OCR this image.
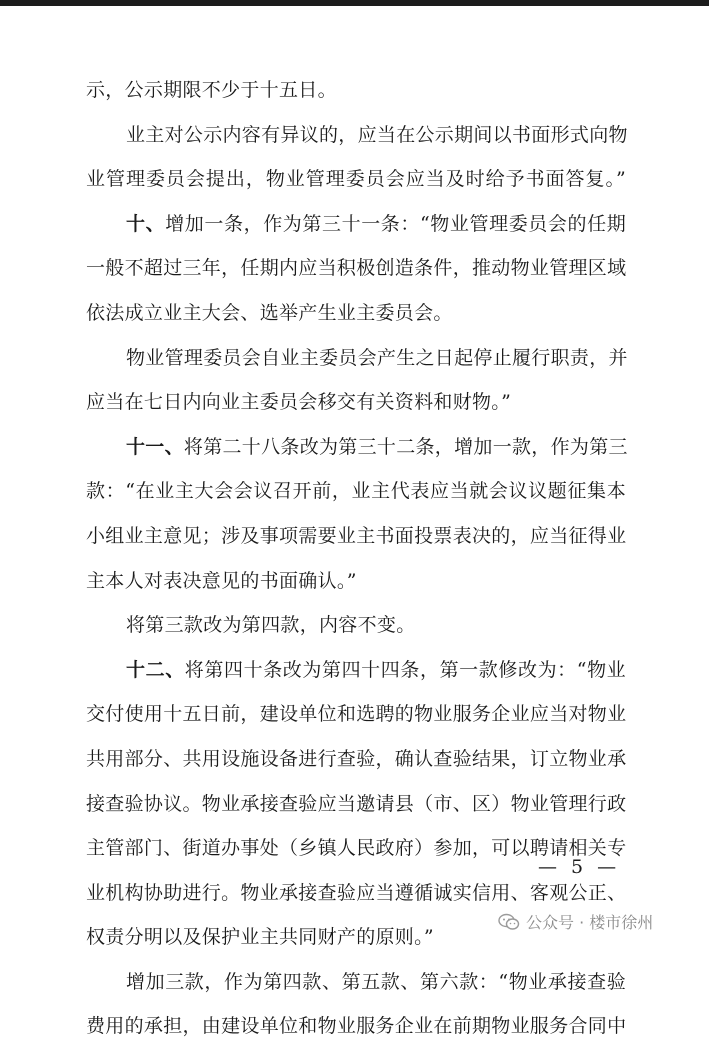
示，公示期限不少于十五日。
业主对公示内容有异议的，应当在公示期间以书面形式向物
业管理委员会提出，物业管理委员会应当及时给予书面答复。”
十、增加一条，作为第三十一条：“物业管理委员会的任期
一般不超过三年，任期内应当积极创造条件，推动物业管理区域
依法成立业主大会、选举产生业主委员会。
物业管理委员会自业主委员会产生之日起停止履行职责，并
应当在七日内向业主委员会移交有关资料和财物。”
十一、将第二十八条改为第三十二条，增加一款，作为第三
款：“在业主大会会议召开前，业主代表应当就会议议题征集本
小组业主意见；涉及事项需要业主书面投票表决的，应当征得业
主本人对表决意见的书面确认。”
将第三款改为第四款，内容不变。
十二、将第四十条改为第四十四条，第一款修改为：“物业
交付使用十五日前，建设单位和选聘的物业服务企业应当对物业
共用部分、共用设施设备进行查验，确认查验结果，订立物业承
接查验协议。物业承接查验应当邀请县（市、区）物业管理行政
主管部门、街道办事处（乡镇人民政府）参加，可以聘请相关专
业机构协助进行。物业承接查验应当遵循诚实信用、客观公正、
权责分明以及保护业主共同财产的原则。”
增加三款，作为第四款、第五款、第六款：“物业承接查验
费用的承担，由建设单位和物业服务企业在前期物业服务合同中
— 5 —
公众号 · 楼市徐州
